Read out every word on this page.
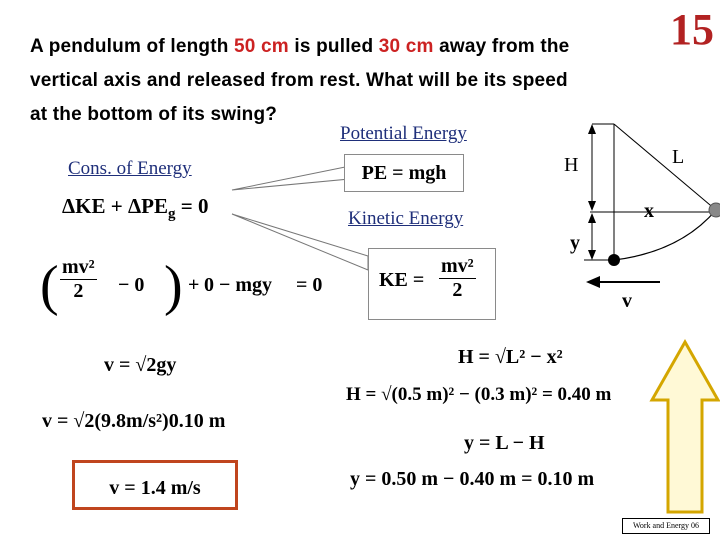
15
A pendulum of length 50 cm is pulled 30 cm away from the
vertical axis and released from rest. What will be its speed
at the bottom of its swing?
H	L
x
y
v
Potential Energy
Cons. of Energy
Kinetic Energy
PE = mgh
KE = $\frac{\text{mv²}}{2}$
$\Delta KE + \Delta PE_g = 0$
( $\frac{\text{mv²}}{2} - 0$ ) + 0 − mgy = 0
v = √2gy
v = √2(9.8m/s²)0.10 m
v = 1.4 m/s
H = √L² − x²
H = √(0.5 m)² − (0.3 m)² = 0.40 m
y = L − H
y = 0.50 m − 0.40 m = 0.10 m
Work and Energy 06
